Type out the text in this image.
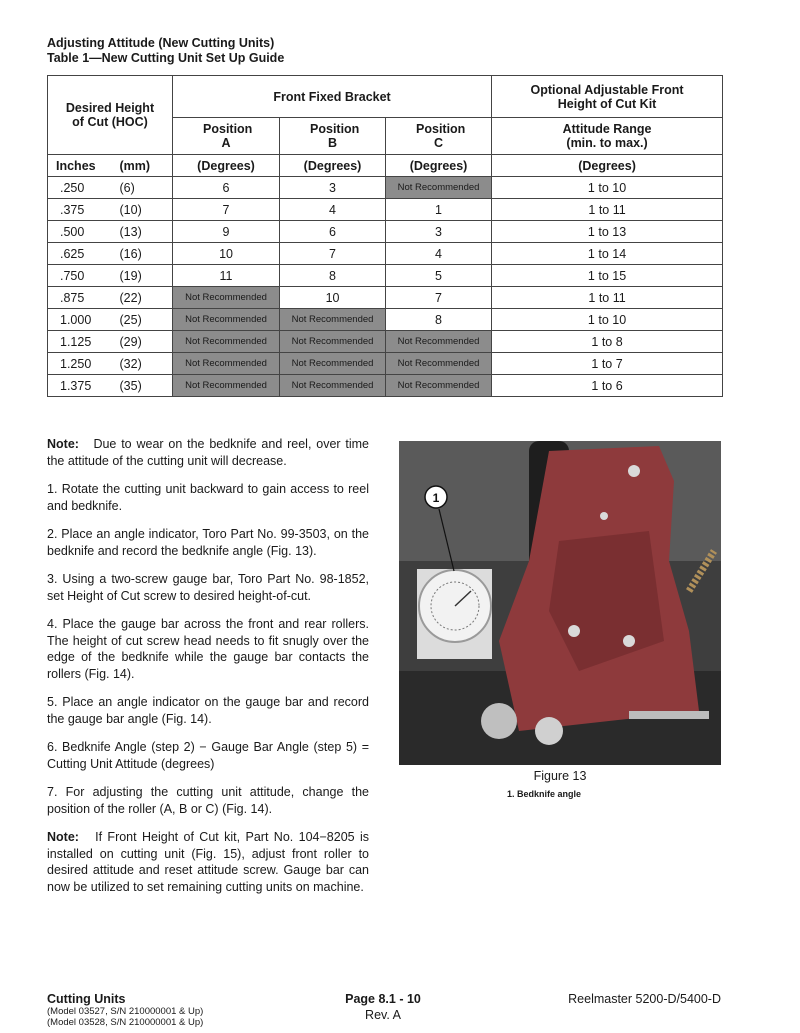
Adjusting Attitude (New Cutting Units)
Table 1—New Cutting Unit Set Up Guide
Desired Height of Cut (HOC)		Front Fixed Bracket			Optional Adjustable Front Height of Cut Kit
		Position A	Position B	Position C	Attitude Range (min. to max.)
Inches	(mm)	(Degrees)	(Degrees)	(Degrees)	(Degrees)
.250	(6)	6	3	Not Recommended	1 to 10
.375	(10)	7	4	1	1 to 11
.500	(13)	9	6	3	1 to 13
.625	(16)	10	7	4	1 to 14
.750	(19)	11	8	5	1 to 15
.875	(22)	Not Recommended	10	7	1 to 11
1.000	(25)	Not Recommended	Not Recommended	8	1 to 10
1.125	(29)	Not Recommended	Not Recommended	Not Recommended	1 to 8
1.250	(32)	Not Recommended	Not Recommended	Not Recommended	1 to 7
1.375	(35)	Not Recommended	Not Recommended	Not Recommended	1 to 6

Note: Due to wear on the bedknife and reel, over time the attitude of the cutting unit will decrease.

1. Rotate the cutting unit backward to gain access to reel and bedknife.

2. Place an angle indicator, Toro Part No. 99-3503, on the bedknife and record the bedknife angle (Fig. 13).

3. Using a two-screw gauge bar, Toro Part No. 98-1852, set Height of Cut screw to desired height-of-cut.

4. Place the gauge bar across the front and rear rollers. The height of cut screw head needs to fit snugly over the edge of the bedknife while the gauge bar contacts the rollers (Fig. 14).

5. Place an angle indicator on the gauge bar and record the gauge bar angle (Fig. 14).

6. Bedknife Angle (step 2) − Gauge Bar Angle (step 5) = Cutting Unit Attitude (degrees)

7. For adjusting the cutting unit attitude, change the position of the roller (A, B or C) (Fig. 14).

Note: If Front Height of Cut kit, Part No. 104−8205 is installed on cutting unit (Fig. 15), adjust front roller to desired attitude and reset attitude screw. Gauge bar can now be utilized to set remaining cutting units on machine.

1
Figure 13
1. Bedknife angle
Cutting Units
(Model 03527, S/N 210000001 & Up)
(Model 03528, S/N 210000001 & Up)
Page 8.1 - 10
Rev. A
Reelmaster 5200-D/5400-D
